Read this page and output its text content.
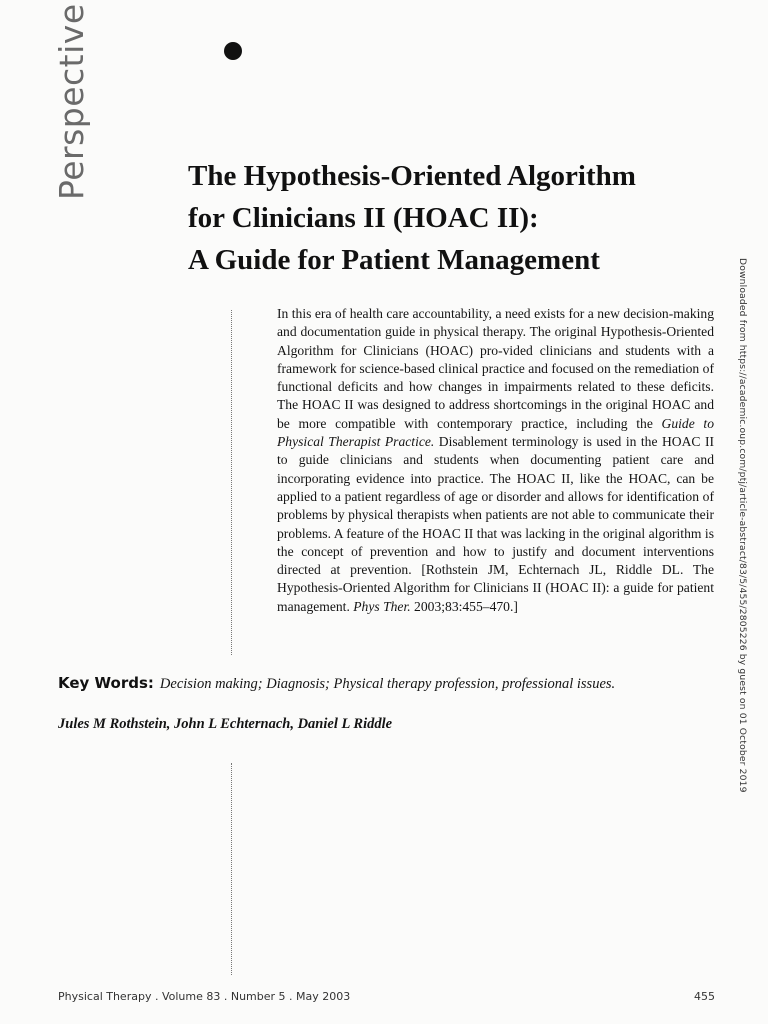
Perspective	The Hypothesis-Oriented Algorithm
for Clinicians II (HOAC II):
A Guide for Patient Management

In this era of health care accountability, a need exists for a new decision-making and documentation guide in physical therapy. The original Hypothesis-Oriented Algorithm for Clinicians (HOAC) pro-vided clinicians and students with a framework for science-based clinical practice and focused on the remediation of functional deficits and how changes in impairments related to these deficits. The HOAC II was designed to address shortcomings in the original HOAC and be more compatible with contemporary practice, including the Guide to Physical Therapist Practice. Disablement terminology is used in the HOAC II to guide clinicians and students when documenting patient care and incorporating evidence into practice. The HOAC II, like the HOAC, can be applied to a patient regardless of age or disorder and allows for identification of problems by physical therapists when patients are not able to communicate their problems. A feature of the HOAC II that was lacking in the original algorithm is the concept of prevention and how to justify and document interventions directed at prevention. [Rothstein JM, Echternach JL, Riddle DL. The Hypothesis-Oriented Algorithm for Clinicians II (HOAC II): a guide for patient management. Phys Ther. 2003;83:455–470.]

Key Words: Decision making; Diagnosis; Physical therapy profession, professional issues.
Jules M Rothstein, John L Echternach, Daniel L Riddle	Downloaded from https://academic.oup.com/ptj/article-abstract/83/5/455/2805226 by guest on 01 October 2019
Physical Therapy . Volume 83 . Number 5 . May 2003	455
